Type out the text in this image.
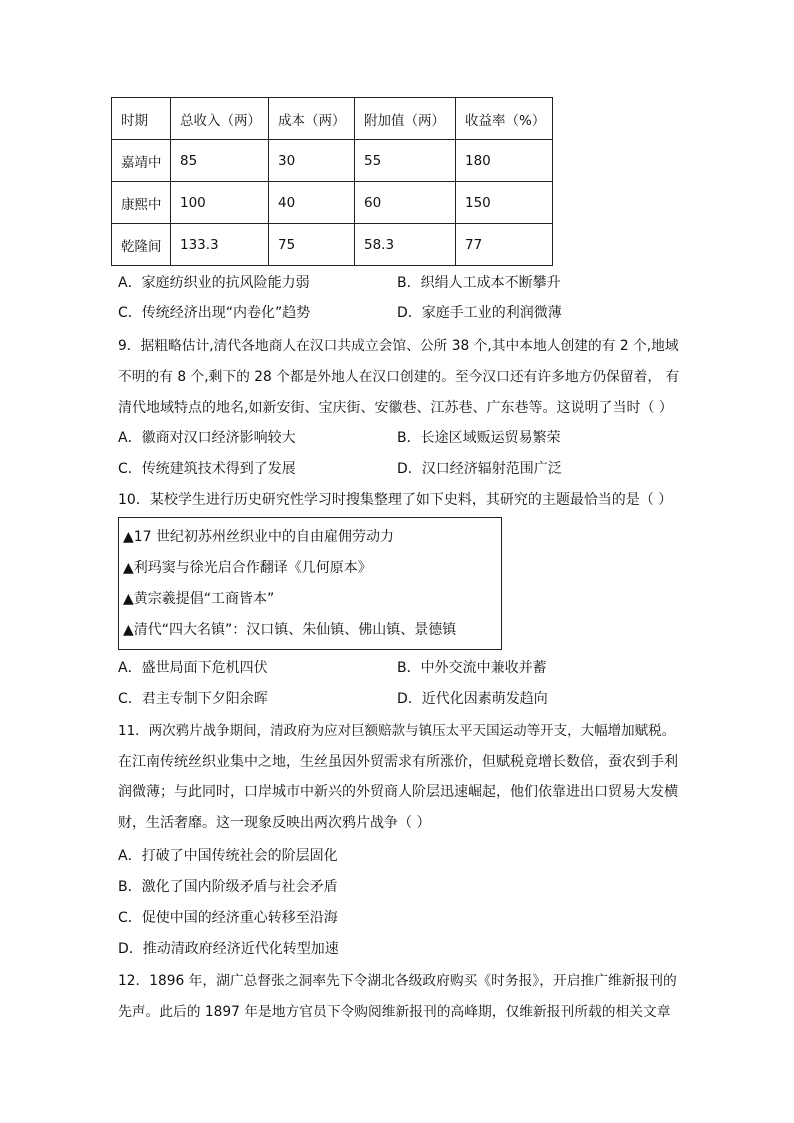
时期	总收入（两）	成本（两）	附加值（两）	收益率（%）
嘉靖中	85	30	55	180
康熙中	100	40	60	150
乾隆间	133.3	75	58.3	77
A．家庭纺织业的抗风险能力弱	B．织绢人工成本不断攀升
C．传统经济出现“内卷化”趋势	D．家庭手工业的利润微薄
9．据粗略估计,清代各地商人在汉口共成立会馆、公所 38 个,其中本地人创建的有 2 个,地域
不明的有 8 个,剩下的 28 个都是外地人在汉口创建的。至今汉口还有许多地方仍保留着， 有
清代地域特点的地名,如新安街、宝庆街、安徽巷、江苏巷、广东巷等。这说明了当时（ ）
A．徽商对汉口经济影响较大	B．长途区域贩运贸易繁荣
C．传统建筑技术得到了发展	D．汉口经济辐射范围广泛
10．某校学生进行历史研究性学习时搜集整理了如下史料，其研究的主题最恰当的是（ ）
▲17 世纪初苏州丝织业中的自由雇佣劳动力
▲利玛窦与徐光启合作翻译《几何原本》
▲黄宗羲提倡“工商皆本”
▲清代“四大名镇”：汉口镇、朱仙镇、佛山镇、景德镇
A．盛世局面下危机四伏	B．中外交流中兼收并蓄
C．君主专制下夕阳余晖	D．近代化因素萌发趋向
11．两次鸦片战争期间，清政府为应对巨额赔款与镇压太平天国运动等开支，大幅增加赋税。
在江南传统丝织业集中之地，生丝虽因外贸需求有所涨价，但赋税竟增长数倍，蚕农到手利
润微薄；与此同时，口岸城市中新兴的外贸商人阶层迅速崛起，他们依靠进出口贸易大发横
财，生活奢靡。这一现象反映出两次鸦片战争（ ）
A．打破了中国传统社会的阶层固化
B．激化了国内阶级矛盾与社会矛盾
C．促使中国的经济重心转移至沿海
D．推动清政府经济近代化转型加速
12．1896 年，湖广总督张之洞率先下令湖北各级政府购买《时务报》，开启推广维新报刊的
先声。此后的 1897 年是地方官员下令购阅维新报刊的高峰期，仅维新报刊所载的相关文章
